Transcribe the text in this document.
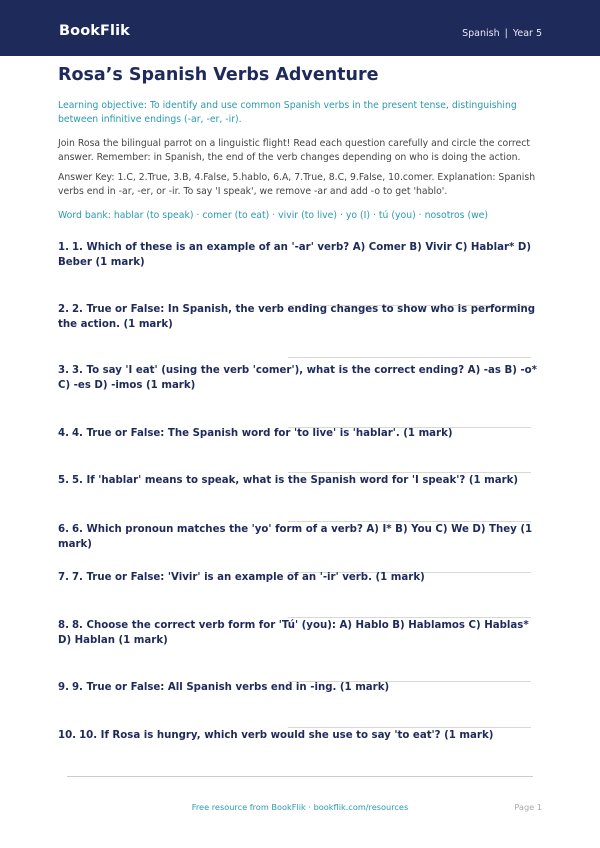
BookFlik	Spanish | Year 5
Rosa’s Spanish Verbs Adventure
Learning objective: To identify and use common Spanish verbs in the present tense, distinguishing between infinitive endings (-ar, -er, -ir).
Join Rosa the bilingual parrot on a linguistic flight! Read each question carefully and circle the correct answer. Remember: in Spanish, the end of the verb changes depending on who is doing the action.
Answer Key: 1.C, 2.True, 3.B, 4.False, 5.hablo, 6.A, 7.True, 8.C, 9.False, 10.comer. Explanation: Spanish verbs end in -ar, -er, or -ir. To say 'I speak', we remove -ar and add -o to get 'hablo'.
Word bank: hablar (to speak) · comer (to eat) · vivir (to live) · yo (I) · tú (you) · nosotros (we)
1. 1. Which of these is an example of an '-ar' verb? A) Comer B) Vivir C) Hablar* D) Beber (1 mark)
2. 2. True or False: In Spanish, the verb ending changes to show who is performing the action. (1 mark)
3. 3. To say 'I eat' (using the verb 'comer'), what is the correct ending? A) -as B) -o* C) -es D) -imos (1 mark)
4. 4. True or False: The Spanish word for 'to live' is 'hablar'. (1 mark)
5. 5. If 'hablar' means to speak, what is the Spanish word for 'I speak'? (1 mark)
6. 6. Which pronoun matches the 'yo' form of a verb? A) I* B) You C) We D) They (1 mark)
7. 7. True or False: 'Vivir' is an example of an '-ir' verb. (1 mark)
8. 8. Choose the correct verb form for 'Tú' (you): A) Hablo B) Hablamos C) Hablas* D) Hablan (1 mark)
9. 9. True or False: All Spanish verbs end in -ing. (1 mark)
10. 10. If Rosa is hungry, which verb would she use to say 'to eat'? (1 mark)
Free resource from BookFlik · bookflik.com/resources	Page 1
